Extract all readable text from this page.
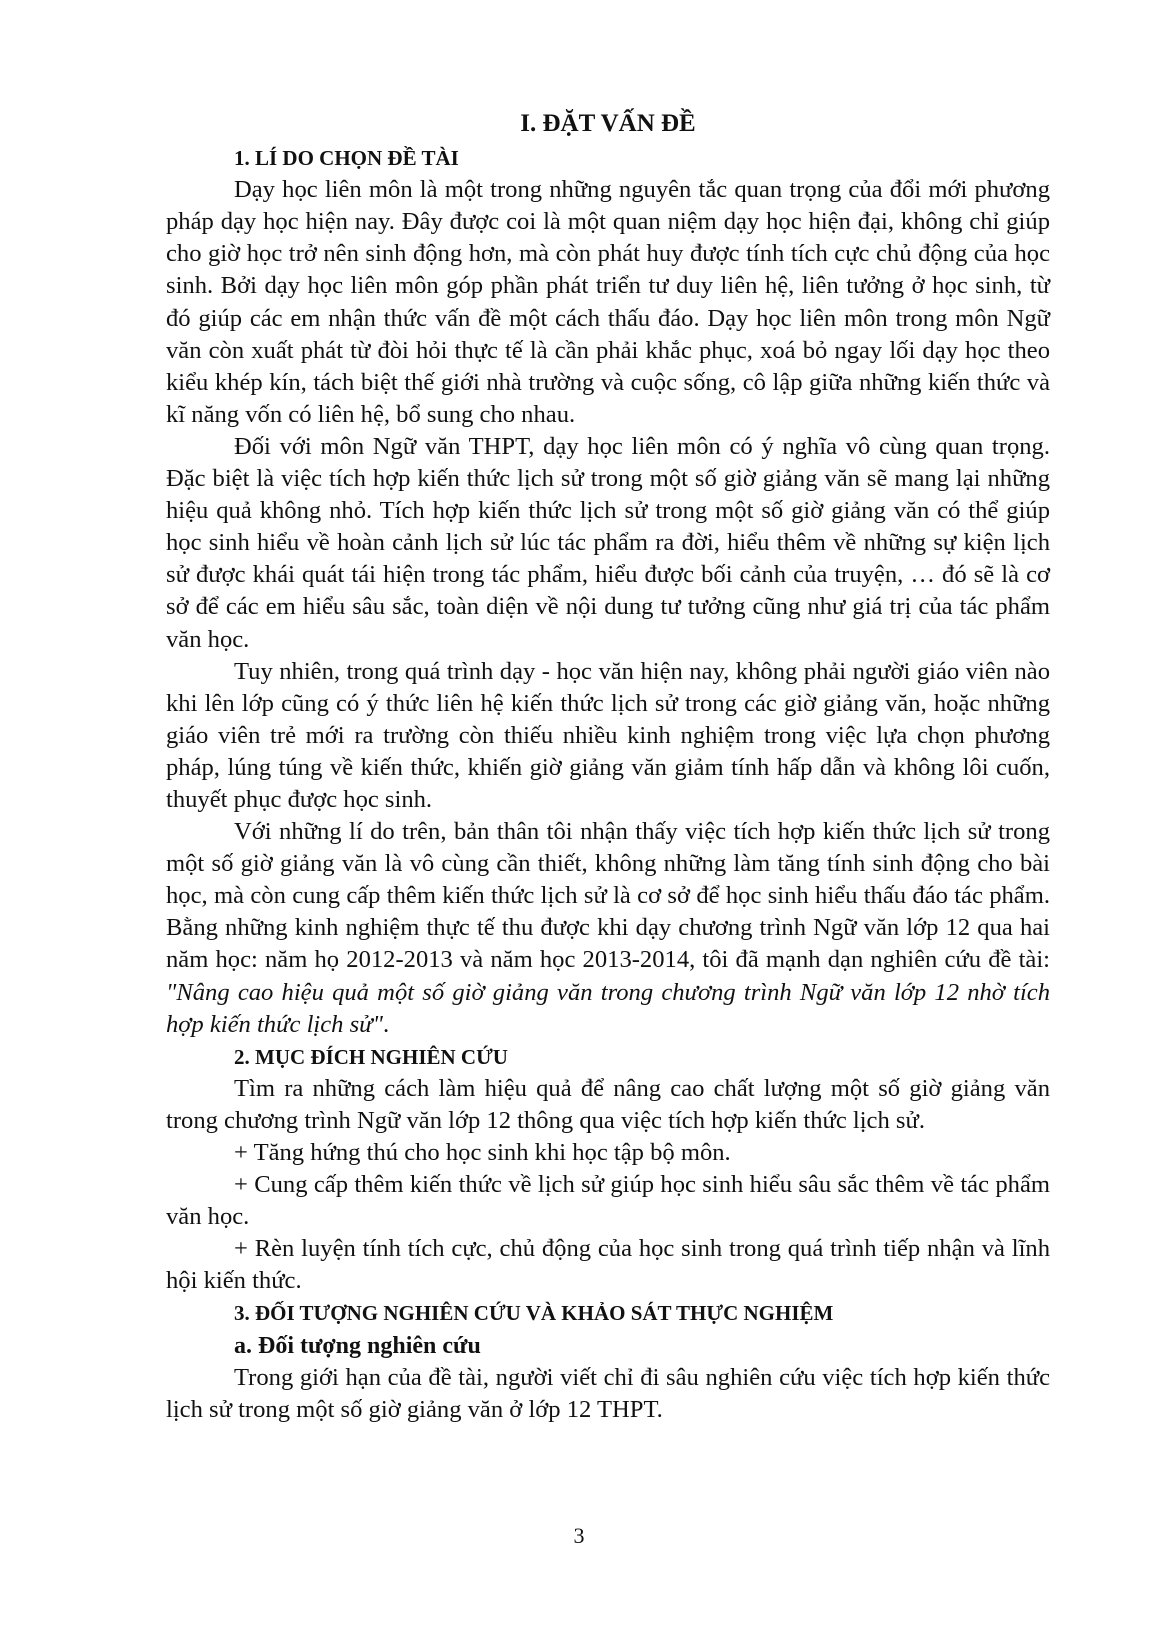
I. ĐẶT VẤN ĐỀ
1. LÍ DO CHỌN ĐỀ TÀI

Dạy học liên môn là một trong những nguyên tắc quan trọng của đổi mới phương pháp dạy học hiện nay. Đây được coi là một quan niệm dạy học hiện đại, không chỉ giúp cho giờ học trở nên sinh động hơn, mà còn phát huy được tính tích cực chủ động của học sinh. Bởi dạy học liên môn góp phần phát triển tư duy liên hệ, liên tưởng ở học sinh, từ đó giúp các em nhận thức vấn đề một cách thấu đáo. Dạy học liên môn trong môn Ngữ văn còn xuất phát từ đòi hỏi thực tế là cần phải khắc phục, xoá bỏ ngay lối dạy học theo kiểu khép kín, tách biệt thế giới nhà trường và cuộc sống, cô lập giữa những kiến thức và kĩ năng vốn có liên hệ, bổ sung cho nhau.

Đối với môn Ngữ văn THPT, dạy học liên môn có ý nghĩa vô cùng quan trọng. Đặc biệt là việc tích hợp kiến thức lịch sử trong một số giờ giảng văn sẽ mang lại những hiệu quả không nhỏ. Tích hợp kiến thức lịch sử trong một số giờ giảng văn có thể giúp học sinh hiểu về hoàn cảnh lịch sử lúc tác phẩm ra đời, hiểu thêm về những sự kiện lịch sử được khái quát tái hiện trong tác phẩm, hiểu được bối cảnh của truyện, … đó sẽ là cơ sở để các em hiểu sâu sắc, toàn diện về nội dung tư tưởng cũng như giá trị của tác phẩm văn học.

Tuy nhiên, trong quá trình dạy - học văn hiện nay, không phải người giáo viên nào khi lên lớp cũng có ý thức liên hệ kiến thức lịch sử trong các giờ giảng văn, hoặc những giáo viên trẻ mới ra trường còn thiếu nhiều kinh nghiệm trong việc lựa chọn phương pháp, lúng túng về kiến thức, khiến giờ giảng văn giảm tính hấp dẫn và không lôi cuốn, thuyết phục được học sinh.

Với những lí do trên, bản thân tôi nhận thấy việc tích hợp kiến thức lịch sử trong một số giờ giảng văn là vô cùng cần thiết, không những làm tăng tính sinh động cho bài học, mà còn cung cấp thêm kiến thức lịch sử là cơ sở để học sinh hiểu thấu đáo tác phẩm. Bằng những kinh nghiệm thực tế thu được khi dạy chương trình Ngữ văn lớp 12 qua hai năm học: năm họ 2012-2013 và năm học 2013-2014, tôi đã mạnh dạn nghiên cứu đề tài: "Nâng cao hiệu quả một số giờ giảng văn trong chương trình Ngữ văn lớp 12 nhờ tích hợp kiến thức lịch sử".

2. MỤC ĐÍCH NGHIÊN CỨU

Tìm ra những cách làm hiệu quả để nâng cao chất lượng một số giờ giảng văn trong chương trình Ngữ văn lớp 12 thông qua việc tích hợp kiến thức lịch sử.

+ Tăng hứng thú cho học sinh khi học tập bộ môn.

+ Cung cấp thêm kiến thức về lịch sử giúp học sinh hiểu sâu sắc thêm về tác phẩm văn học.

+ Rèn luyện tính tích cực, chủ động của học sinh trong quá trình tiếp nhận và lĩnh hội kiến thức.

3. ĐỐI TƯỢNG NGHIÊN CỨU VÀ KHẢO SÁT THỰC NGHIỆM
a. Đối tượng nghiên cứu

Trong giới hạn của đề tài, người viết chỉ đi sâu nghiên cứu việc tích hợp kiến thức lịch sử trong một số giờ giảng văn ở lớp 12 THPT.

3
